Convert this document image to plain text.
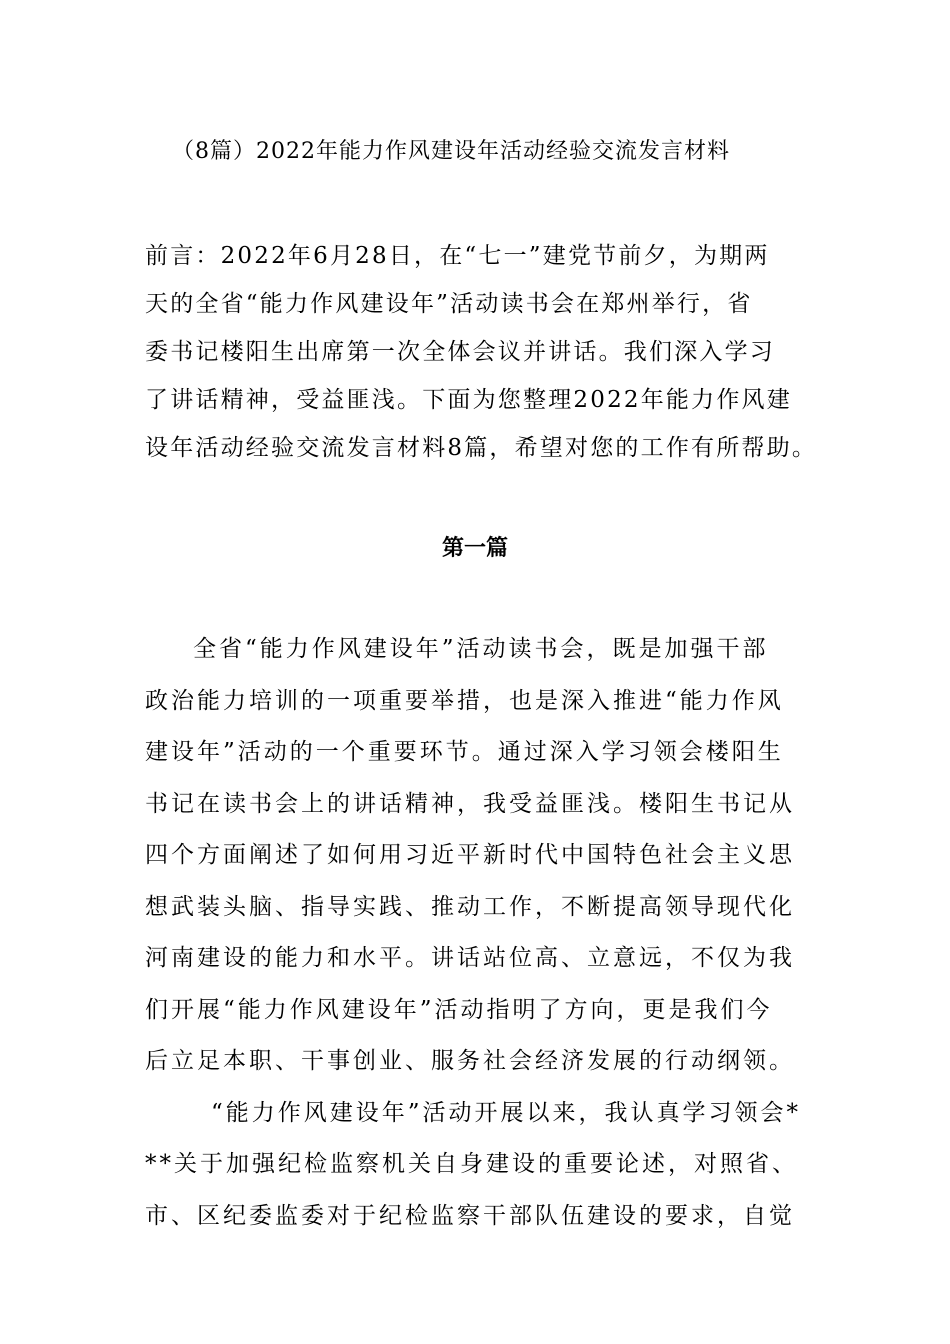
（8篇）2022年能力作风建设年活动经验交流发言材料
前言：2022年6月28日，在“七一”建党节前夕，为期两
天的全省“能力作风建设年”活动读书会在郑州举行，省
委书记楼阳生出席第一次全体会议并讲话。我们深入学习
了讲话精神，受益匪浅。下面为您整理2022年能力作风建
设年活动经验交流发言材料8篇，希望对您的工作有所帮助。
第一篇
全省“能力作风建设年”活动读书会，既是加强干部
政治能力培训的一项重要举措，也是深入推进“能力作风
建设年”活动的一个重要环节。通过深入学习领会楼阳生
书记在读书会上的讲话精神，我受益匪浅。楼阳生书记从
四个方面阐述了如何用习近平新时代中国特色社会主义思
想武装头脑、指导实践、推动工作，不断提高领导现代化
河南建设的能力和水平。讲话站位高、立意远，不仅为我
们开展“能力作风建设年”活动指明了方向，更是我们今
后立足本职、干事创业、服务社会经济发展的行动纲领。
“能力作风建设年”活动开展以来，我认真学习领会*
**关于加强纪检监察机关自身建设的重要论述，对照省、
市、区纪委监委对于纪检监察干部队伍建设的要求，自觉
